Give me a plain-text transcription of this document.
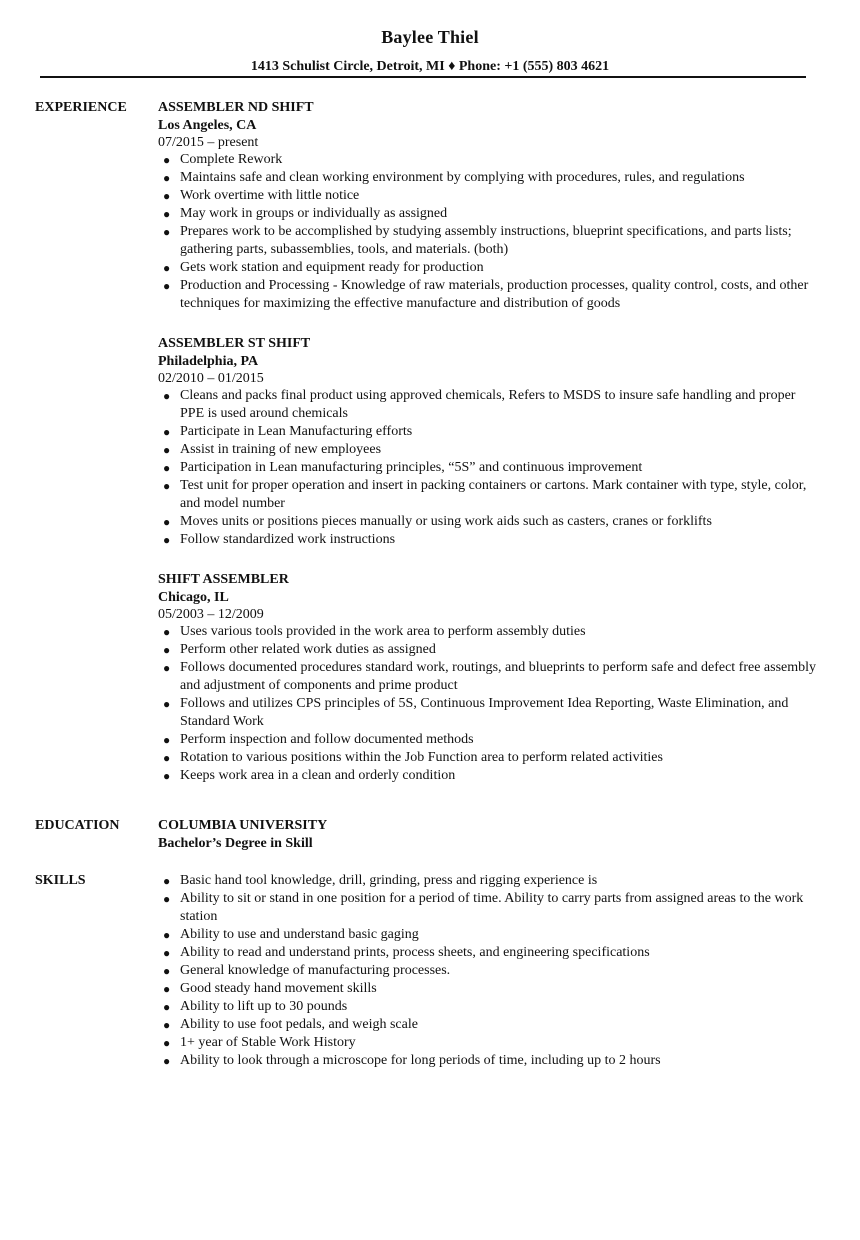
Baylee Thiel
1413 Schulist Circle, Detroit, MI ♦ Phone: +1 (555) 803 4621
EXPERIENCE ASSEMBLER ND SHIFT
Los Angeles, CA
07/2015 – present
● Complete Rework
● Maintains safe and clean working environment by complying with procedures, rules, and regulations
● Work overtime with little notice
● May work in groups or individually as assigned
● Prepares work to be accomplished by studying assembly instructions, blueprint specifications, and parts lists; gathering parts, subassemblies, tools, and materials. (both)
● Gets work station and equipment ready for production
● Production and Processing - Knowledge of raw materials, production processes, quality control, costs, and other techniques for maximizing the effective manufacture and distribution of goods
ASSEMBLER ST SHIFT
Philadelphia, PA
02/2010 – 01/2015
● Cleans and packs final product using approved chemicals, Refers to MSDS to insure safe handling and proper PPE is used around chemicals
● Participate in Lean Manufacturing efforts
● Assist in training of new employees
● Participation in Lean manufacturing principles, “5S” and continuous improvement
● Test unit for proper operation and insert in packing containers or cartons. Mark container with type, style, color, and model number
● Moves units or positions pieces manually or using work aids such as casters, cranes or forklifts
● Follow standardized work instructions
SHIFT ASSEMBLER
Chicago, IL
05/2003 – 12/2009
● Uses various tools provided in the work area to perform assembly duties
● Perform other related work duties as assigned
● Follows documented procedures standard work, routings, and blueprints to perform safe and defect free assembly and adjustment of components and prime product
● Follows and utilizes CPS principles of 5S, Continuous Improvement Idea Reporting, Waste Elimination, and Standard Work
● Perform inspection and follow documented methods
● Rotation to various positions within the Job Function area to perform related activities
● Keeps work area in a clean and orderly condition
EDUCATION	COLUMBIA UNIVERSITY
Bachelor’s Degree in Skill
SKILLS	● Basic hand tool knowledge, drill, grinding, press and rigging experience is
● Ability to sit or stand in one position for a period of time. Ability to carry parts from assigned areas to the work station
● Ability to use and understand basic gaging
● Ability to read and understand prints, process sheets, and engineering specifications
● General knowledge of manufacturing processes.
● Good steady hand movement skills
● Ability to lift up to 30 pounds
● Ability to use foot pedals, and weigh scale
● 1+ year of Stable Work History
● Ability to look through a microscope for long periods of time, including up to 2 hours
